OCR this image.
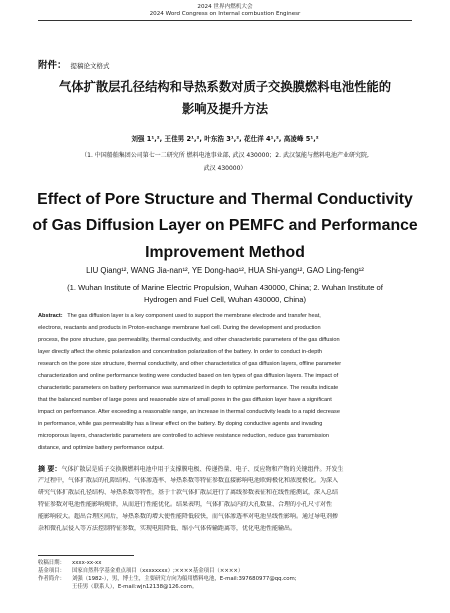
2024 世界内燃机大会
2024 Word Congress on Internal combustion Enginesr
附件： 提稿论文格式
气体扩散层孔径结构和导热系数对质子交换膜燃料电池性能的
影响及提升方法
刘强 1¹,², 王佳男 2¹,², 叶东浩 3¹,², 花仕洋 4¹,², 高凌峰 5¹,²
（1. 中国船舶集团公司第七一二研究所 燃料电池事业部, 武汉 430000；2. 武汉氢能与燃料电池产业研究院,
武汉 430000）
Effect of Pore Structure and Thermal Conductivity
of Gas Diffusion Layer on PEMFC and Performance
Improvement Method
LIU Qiang¹², WANG Jia-nan¹², YE Dong-hao¹², HUA Shi-yang¹², GAO Ling-feng¹²
(1. Wuhan Institute of Marine Electric Propulsion, Wuhan 430000, China; 2. Wuhan Institute of
Hydrogen and Fuel Cell, Wuhan 430000, China)
Abstract: The gas diffusion layer is a key component used to support the membrane electrode and transfer heat,
electrons, reactants and products in Proton-exchange membrane fuel cell. During the development and production
process, the pore structure, gas permeability, thermal conductivity, and other characteristic parameters of the gas diffusion
layer directly affect the ohmic polarization and concentration polarization of the battery. In order to conduct in-depth
research on the pore size structure, thermal conductivity, and other characteristics of gas diffusion layers, offline parameter
characterization and online performance testing were conducted based on ten types of gas diffusion layers. The impact of
characteristic parameters on battery performance was summarized in depth to optimize performance. The results indicate
that the balanced number of large pores and reasonable size of small pores in the gas diffusion layer have a significant
impact on performance. After exceeding a reasonable range, an increase in thermal conductivity leads to a rapid decrease
in performance, while gas permeability has a linear effect on the battery. By doping conductive agents and invading
microporous layers, characteristic parameters are controlled to achieve resistance reduction, reduce gas transmission
distance, and optimize battery performance output.
摘 要：气体扩散层是质子交换膜燃料电池中用于支撑膜电极、传递热量、电子、反应物和产物的关键组件。开发生
产过程中，气体扩散层的孔隙结构、气体渗透率、导热系数等特征参数直接影响电池欧姆极化和浓度极化。为深入
研究气体扩散层孔径结构、导热系数等特性，基于十款气体扩散层进行了离线参数表征和在线性能测试，深入总结
特征参数对电池性能影响规律，从而进行性能优化。结果表明，气体扩散层内的大孔数量、合理的小孔尺寸对性
能影响较大。超出合理区间后，导热系数的增大使性能降低较快，而气体渗透率对电池呈线性影响。通过导电剂掺
杂和微孔层侵入等方法控制特征参数，实现电阻降低、缩小气体传输距离等，优化电池性能输出。
收稿日期： xxxx-xx-xx
基金项目： 国家自然科学基金重点项目（xxxxxxxx）;××××基金项目（××××）
作者简介： 刘强（1982-），男，博士生，主要研究方向为船用燃料电池，E-mail:397680977@qq.com;
王佳男（联系人），E-mail:wjn12138@126.com。
